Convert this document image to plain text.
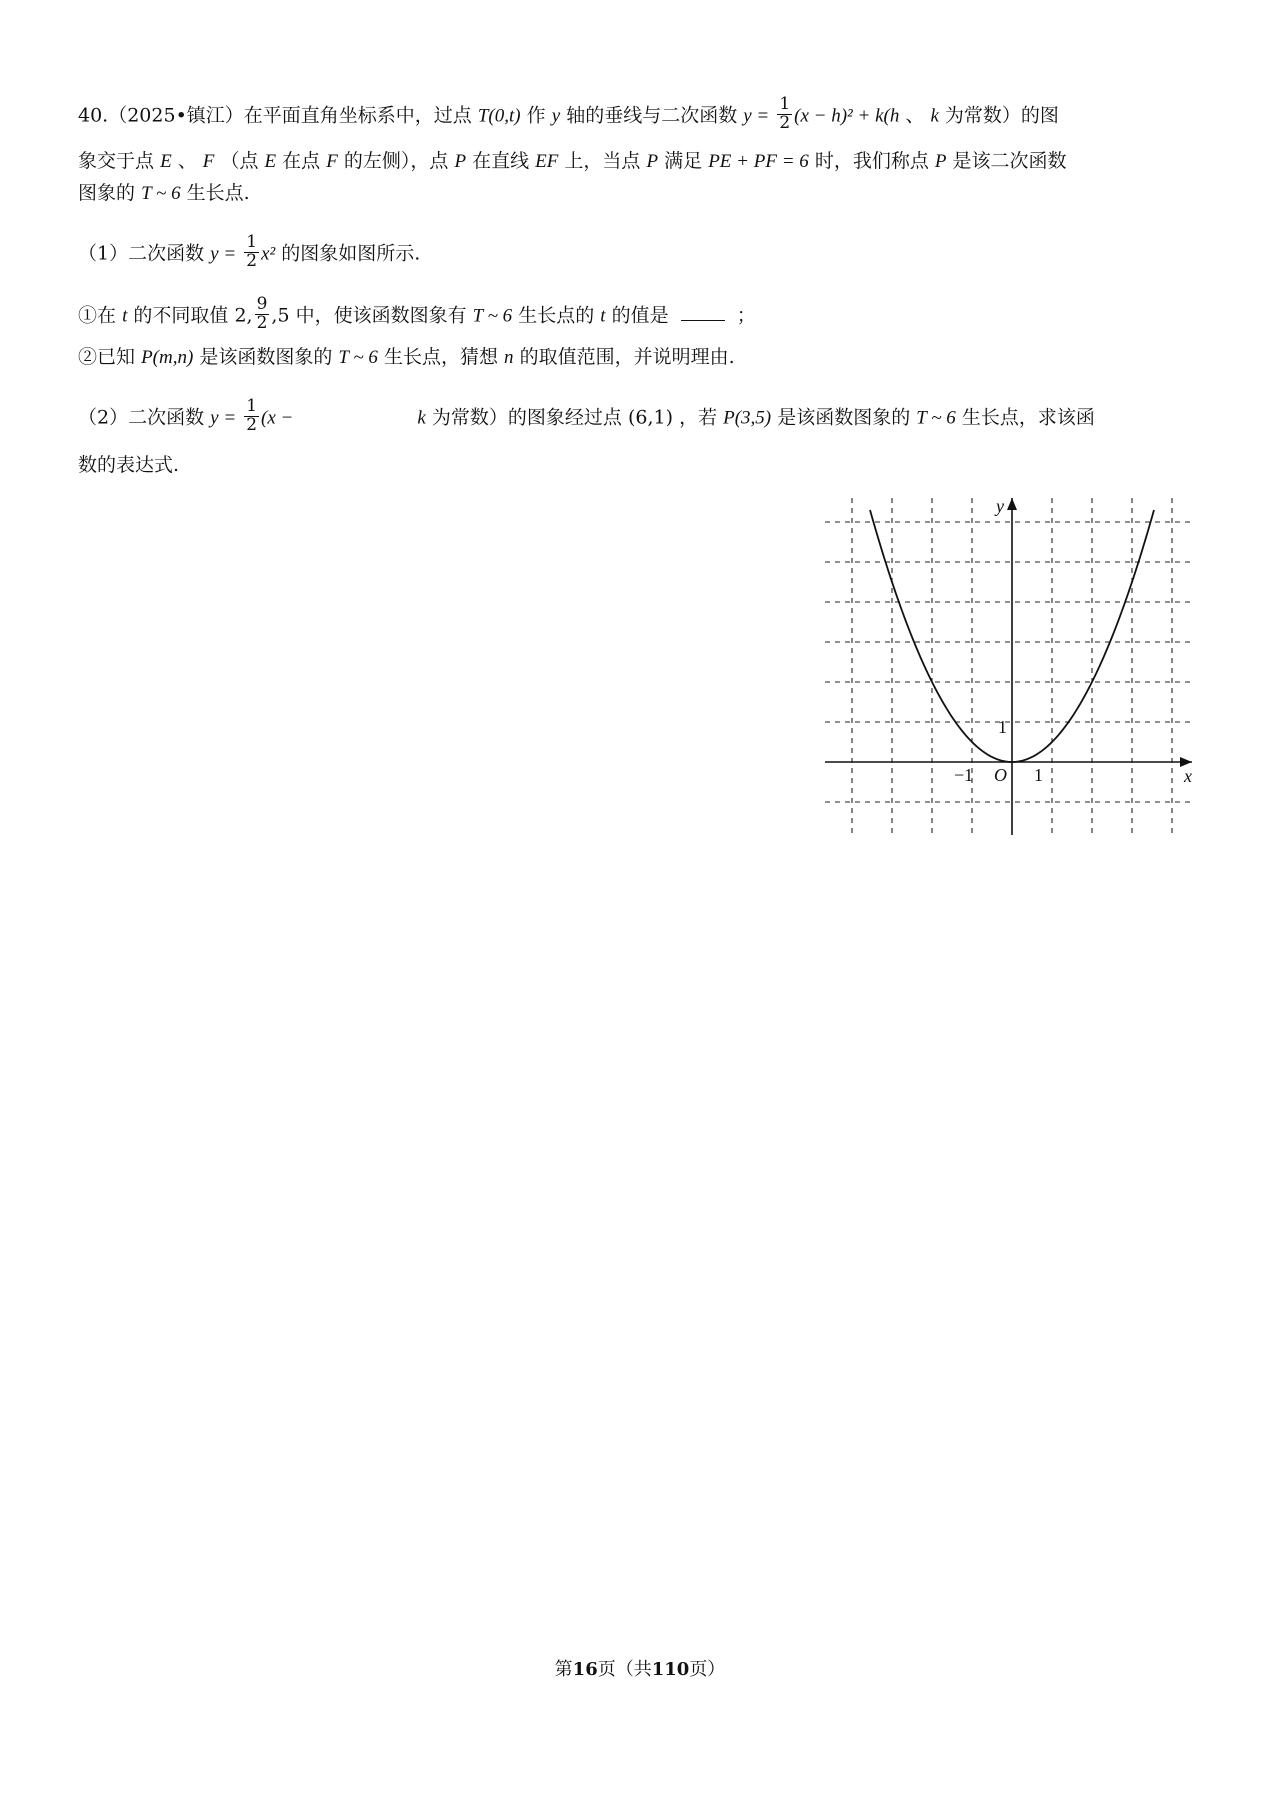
40.（2025•镇江）在平面直角坐标系中，过点 T(0,t) 作 y 轴的垂线与二次函数 $y = \frac{1}{2} (x - h)^2 + k(h$ 、 k 为常数）的图
象交于点 E 、 F （点 E 在点 F 的左侧），点 P 在直线 EF 上，当点 P 满足 PE + PF = 6 时，我们称点 P 是该二次函数
图象的 T ~ 6 生长点.
（1）二次函数 $y = \frac{1}{2} x^2$ 的图象如图所示.
①在 t 的不同取值 2, $\frac{9}{2} ,5$ 中，使该函数图象有 T ~ 6 生长点的 t 的值是	；
②已知 P(m,n) 是该函数图象的 T ~ 6 生长点，猜想 n 的取值范围，并说明理由.
（2）二次函数 $y = \frac{1}{2} (x$ −	k 为常数）的图象经过点 (6,1) ，若 P(3,5) 是该函数图象的 T ~ 6 生长点，求该函
数的表达式.
y
x
−1	1
1
O
第16页（共110页）
